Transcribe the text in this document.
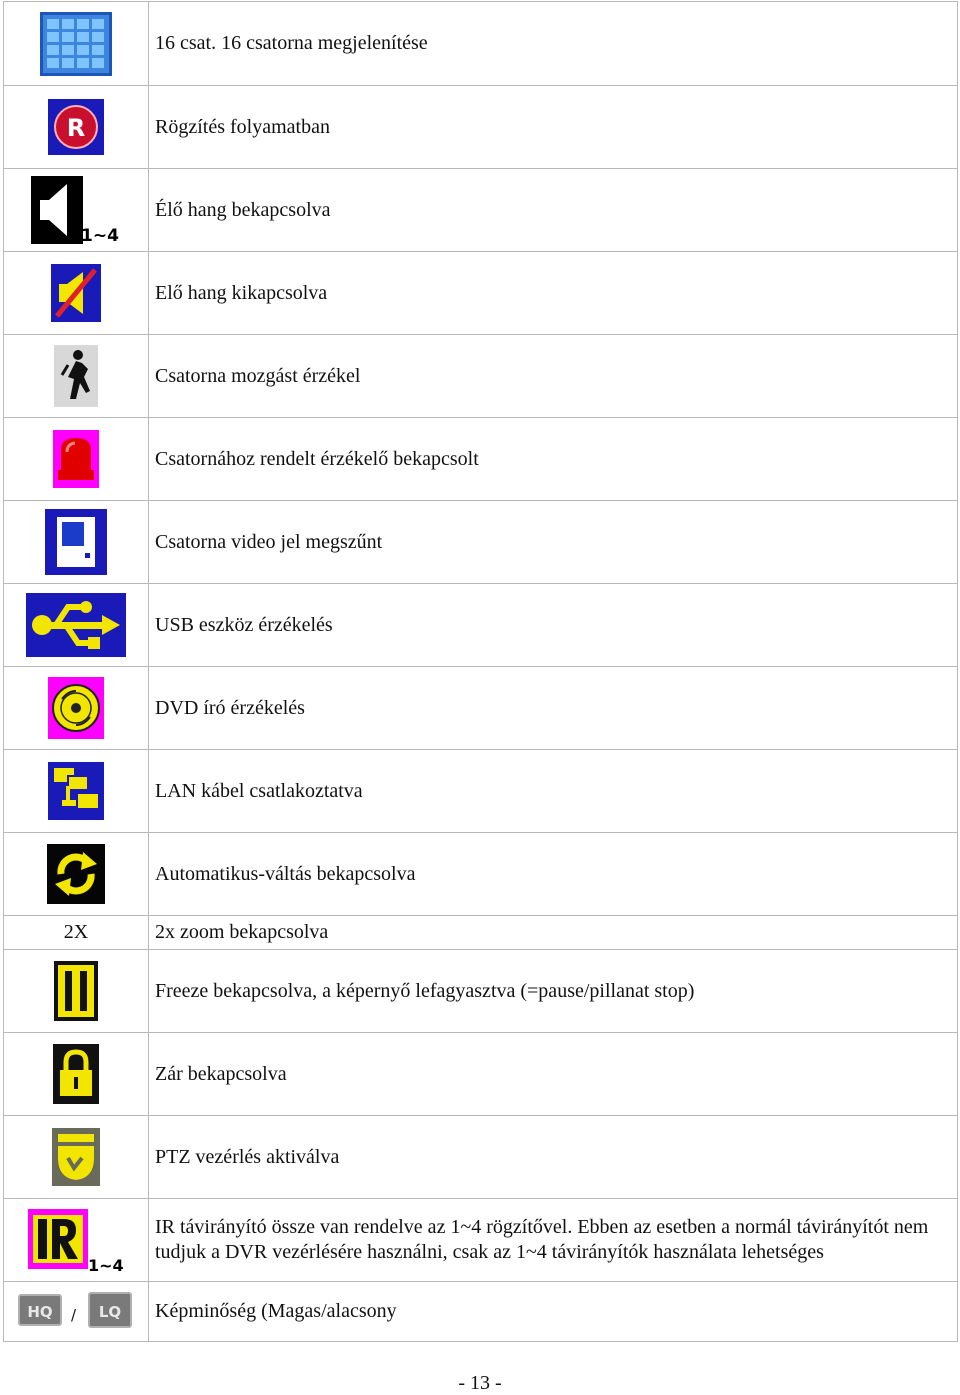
	16 csat. 16 csatorna megjelenítése

R	Rögzítés folyamatban

1~4	Élő hang bekapcsolva

	Elő hang kikapcsolva

	Csatorna mozgást érzékel

	Csatornához rendelt érzékelő bekapcsolt

	Csatorna video jel megszűnt

	USB eszköz érzékelés

	DVD író érzékelés

	LAN kábel csatlakoztatva

	Automatikus-váltás bekapcsolva
2X	2x zoom bekapcsolva

	Freeze bekapcsolva, a képernyő lefagyasztva (=pause/pillanat stop)

	Zár bekapcsolva

	PTZ vezérlés aktiválva

1~4	IR távirányító össze van rendelve az 1~4 rögzítővel. Ebben az esetben a normál távirányítót nem tudjuk a DVR vezérlésére használni, csak az 1~4 távirányítók használata lehetséges

HQ / LQ	Képminőség (Magas/alacsony
- 13 -
